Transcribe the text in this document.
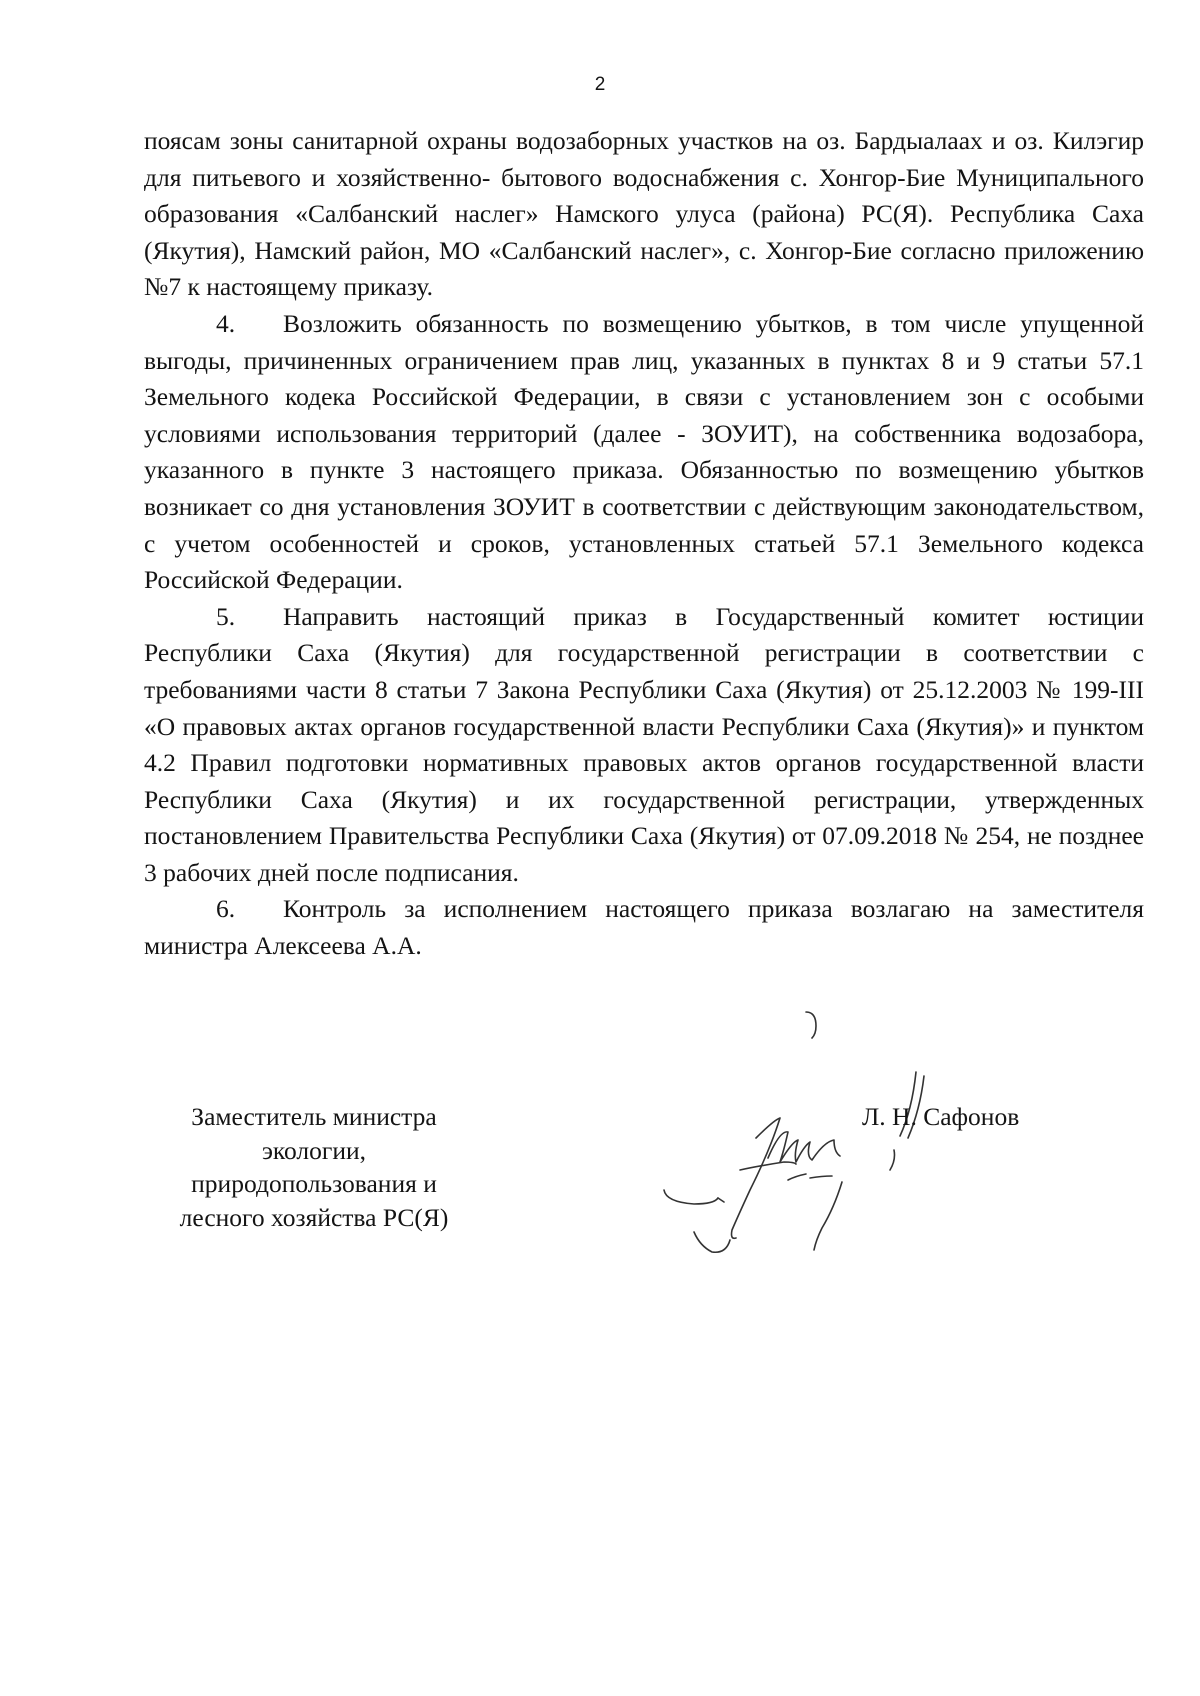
2

поясам зоны санитарной охраны водозаборных участков на оз. Бардыалаах и оз. Килэгир для питьевого и хозяйственно- бытового водоснабжения с. Хонгор-Бие Муниципального образования «Салбанский наслег» Намского улуса (района) РС(Я). Республика Саха (Якутия), Намский район, МО «Салбанский наслег», с. Хонгор-Бие согласно приложению №7 к настоящему приказу.

4. Возложить обязанность по возмещению убытков, в том числе упущенной выгоды, причиненных ограничением прав лиц, указанных в пунктах 8 и 9 статьи 57.1 Земельного кодека Российской Федерации, в связи с установлением зон с особыми условиями использования территорий (далее - ЗОУИТ), на собственника водозабора, указанного в пункте 3 настоящего приказа. Обязанностью по возмещению убытков возникает со дня установления ЗОУИТ в соответствии с действующим законодательством, с учетом особенностей и сроков, установленных статьей 57.1 Земельного кодекса Российской Федерации.

5. Направить настоящий приказ в Государственный комитет юстиции Республики Саха (Якутия) для государственной регистрации в соответствии с требованиями части 8 статьи 7 Закона Республики Саха (Якутия) от 25.12.2003 № 199-III «О правовых актах органов государственной власти Республики Саха (Якутия)» и пунктом 4.2 Правил подготовки нормативных правовых актов органов государственной власти Республики Саха (Якутия) и их государственной регистрации, утвержденных постановлением Правительства Республики Саха (Якутия) от 07.09.2018 № 254, не позднее 3 рабочих дней после подписания.

6. Контроль за исполнением настоящего приказа возлагаю на заместителя министра Алексеева А.А.

Заместитель министра
экологии,
природопользования и
лесного хозяйства РС(Я)
Л. Н. Сафонов
